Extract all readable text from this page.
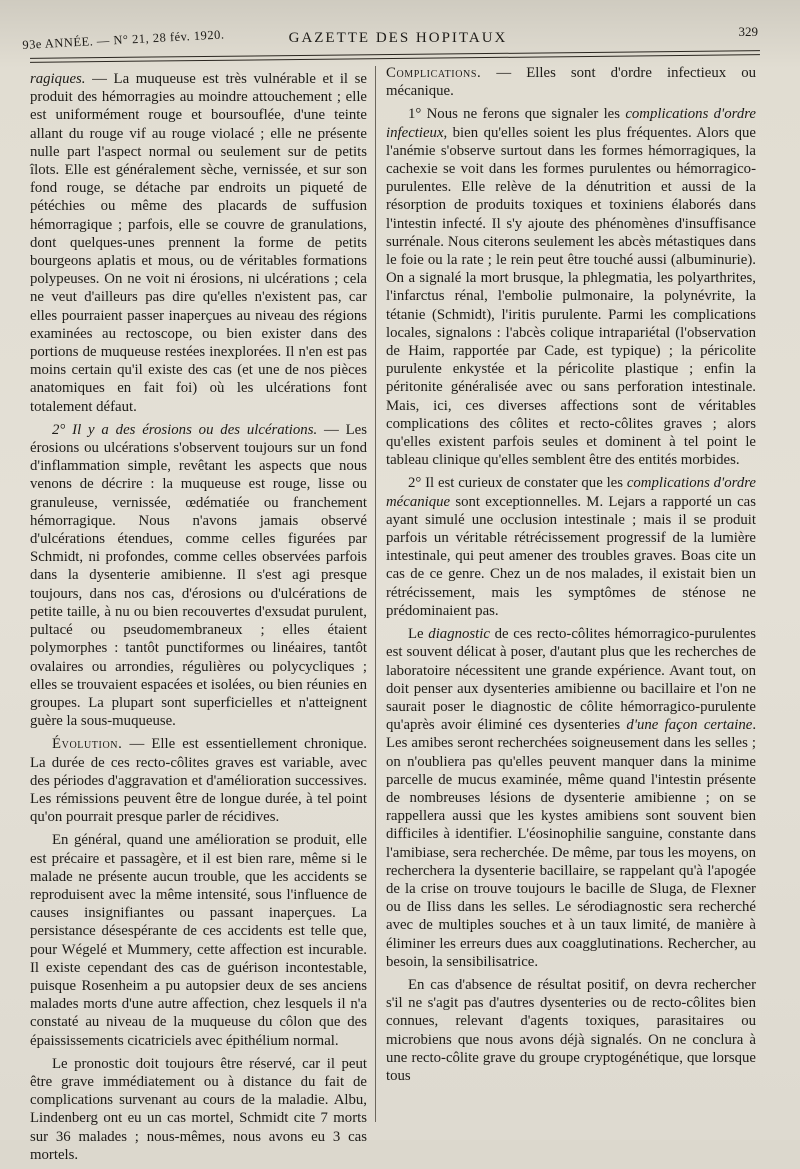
93e ANNÉE. — N° 21, 28 fév. 1920.	GAZETTE DES HOPITAUX	329

ragiques. — La muqueuse est très vulnérable et il se produit des hémorragies au moindre attouchement ; elle est uniformément rouge et boursouflée, d'une teinte allant du rouge vif au rouge violacé ; elle ne présente nulle part l'aspect normal ou seulement sur de petits îlots. Elle est généralement sèche, vernissée, et sur son fond rouge, se détache par endroits un piqueté de pétéchies ou même des placards de suffusion hémorragique ; parfois, elle se couvre de granulations, dont quelques-unes prennent la forme de petits bourgeons aplatis et mous, ou de véritables formations polypeuses. On ne voit ni érosions, ni ulcérations ; cela ne veut d'ailleurs pas dire qu'elles n'existent pas, car elles pourraient passer inaperçues au niveau des régions examinées au rectoscope, ou bien exister dans des portions de muqueuse restées inexplorées. Il n'en est pas moins certain qu'il existe des cas (et une de nos pièces anatomiques en fait foi) où les ulcérations font totalement défaut.

2° Il y a des érosions ou des ulcérations. — Les érosions ou ulcérations s'observent toujours sur un fond d'inflammation simple, revêtant les aspects que nous venons de décrire : la muqueuse est rouge, lisse ou granuleuse, vernissée, œdématiée ou franchement hémorragique. Nous n'avons jamais observé d'ulcérations étendues, comme celles figurées par Schmidt, ni profondes, comme celles observées parfois dans la dysenterie amibienne. Il s'est agi presque toujours, dans nos cas, d'érosions ou d'ulcérations de petite taille, à nu ou bien recouvertes d'exsudat purulent, pultacé ou pseudomembraneux ; elles étaient polymorphes : tantôt punctiformes ou linéaires, tantôt ovalaires ou arrondies, régulières ou polycycliques ; elles se trouvaient espacées et isolées, ou bien réunies en groupes. La plupart sont superficielles et n'atteignent guère la sous-muqueuse.

Évolution. — Elle est essentiellement chronique. La durée de ces recto-côlites graves est variable, avec des périodes d'aggravation et d'amélioration successives. Les rémissions peuvent être de longue durée, à tel point qu'on pourrait presque parler de récidives.

En général, quand une amélioration se produit, elle est précaire et passagère, et il est bien rare, même si le malade ne présente aucun trouble, que les accidents se reproduisent avec la même intensité, sous l'influence de causes insignifiantes ou passant inaperçues. La persistance désespérante de ces accidents est telle que, pour Wégelé et Mummery, cette affection est incurable. Il existe cependant des cas de guérison incontestable, puisque Rosenheim a pu autopsier deux de ses anciens malades morts d'une autre affection, chez lesquels il n'a constaté au niveau de la muqueuse du côlon que des épaississements cicatriciels avec épithélium normal.

Le pronostic doit toujours être réservé, car il peut être grave immédiatement ou à distance du fait de complications survenant au cours de la maladie. Albu, Lindenberg ont eu un cas mortel, Schmidt cite 7 morts sur 36 malades ; nous-mêmes, nous avons eu 3 cas mortels.

Complications. — Elles sont d'ordre infectieux ou mécanique.

1° Nous ne ferons que signaler les complications d'ordre infectieux, bien qu'elles soient les plus fréquentes. Alors que l'anémie s'observe surtout dans les formes hémorragiques, la cachexie se voit dans les formes purulentes ou hémorragico-purulentes. Elle relève de la dénutrition et aussi de la résorption de produits toxiques et toxiniens élaborés dans l'intestin infecté. Il s'y ajoute des phénomènes d'insuffisance surrénale. Nous citerons seulement les abcès métastiques dans le foie ou la rate ; le rein peut être touché aussi (albuminurie). On a signalé la mort brusque, la phlegmatia, les polyarthrites, l'infarctus rénal, l'embolie pulmonaire, la polynévrite, la tétanie (Schmidt), l'iritis purulente. Parmi les complications locales, signalons : l'abcès colique intrapariétal (l'observation de Haim, rapportée par Cade, est typique) ; la péricolite purulente enkystée et la péricolite plastique ; enfin la péritonite généralisée avec ou sans perforation intestinale. Mais, ici, ces diverses affections sont de véritables complications des côlites et recto-côlites graves ; alors qu'elles existent parfois seules et dominent à tel point le tableau clinique qu'elles semblent être des entités morbides.

2° Il est curieux de constater que les complications d'ordre mécanique sont exceptionnelles. M. Lejars a rapporté un cas ayant simulé une occlusion intestinale ; mais il se produit parfois un véritable rétrécissement progressif de la lumière intestinale, qui peut amener des troubles graves. Boas cite un cas de ce genre. Chez un de nos malades, il existait bien un rétrécissement, mais les symptômes de sténose ne prédominaient pas.

Le diagnostic de ces recto-côlites hémorragico-purulentes est souvent délicat à poser, d'autant plus que les recherches de laboratoire nécessitent une grande expérience. Avant tout, on doit penser aux dysenteries amibienne ou bacillaire et l'on ne saurait poser le diagnostic de côlite hémorragico-purulente qu'après avoir éliminé ces dysenteries d'une façon certaine. Les amibes seront recherchées soigneusement dans les selles ; on n'oubliera pas qu'elles peuvent manquer dans la minime parcelle de mucus examinée, même quand l'intestin présente de nombreuses lésions de dysenterie amibienne ; on se rappellera aussi que les kystes amibiens sont souvent bien difficiles à identifier. L'éosinophilie sanguine, constante dans l'amibiase, sera recherchée. De même, par tous les moyens, on recherchera la dysenterie bacillaire, se rappelant qu'à l'apogée de la crise on trouve toujours le bacille de Sluga, de Flexner ou de Iliss dans les selles. Le sérodiagnostic sera recherché avec de multiples souches et à un taux limité, de manière à éliminer les erreurs dues aux coagglutinations. Rechercher, au besoin, la sensibilisatrice.

En cas d'absence de résultat positif, on devra rechercher s'il ne s'agit pas d'autres dysenteries ou de recto-côlites bien connues, relevant d'agents toxiques, parasitaires ou microbiens que nous avons déjà signalés. On ne conclura à une recto-côlite grave du groupe cryptogénétique, que lorsque tous
